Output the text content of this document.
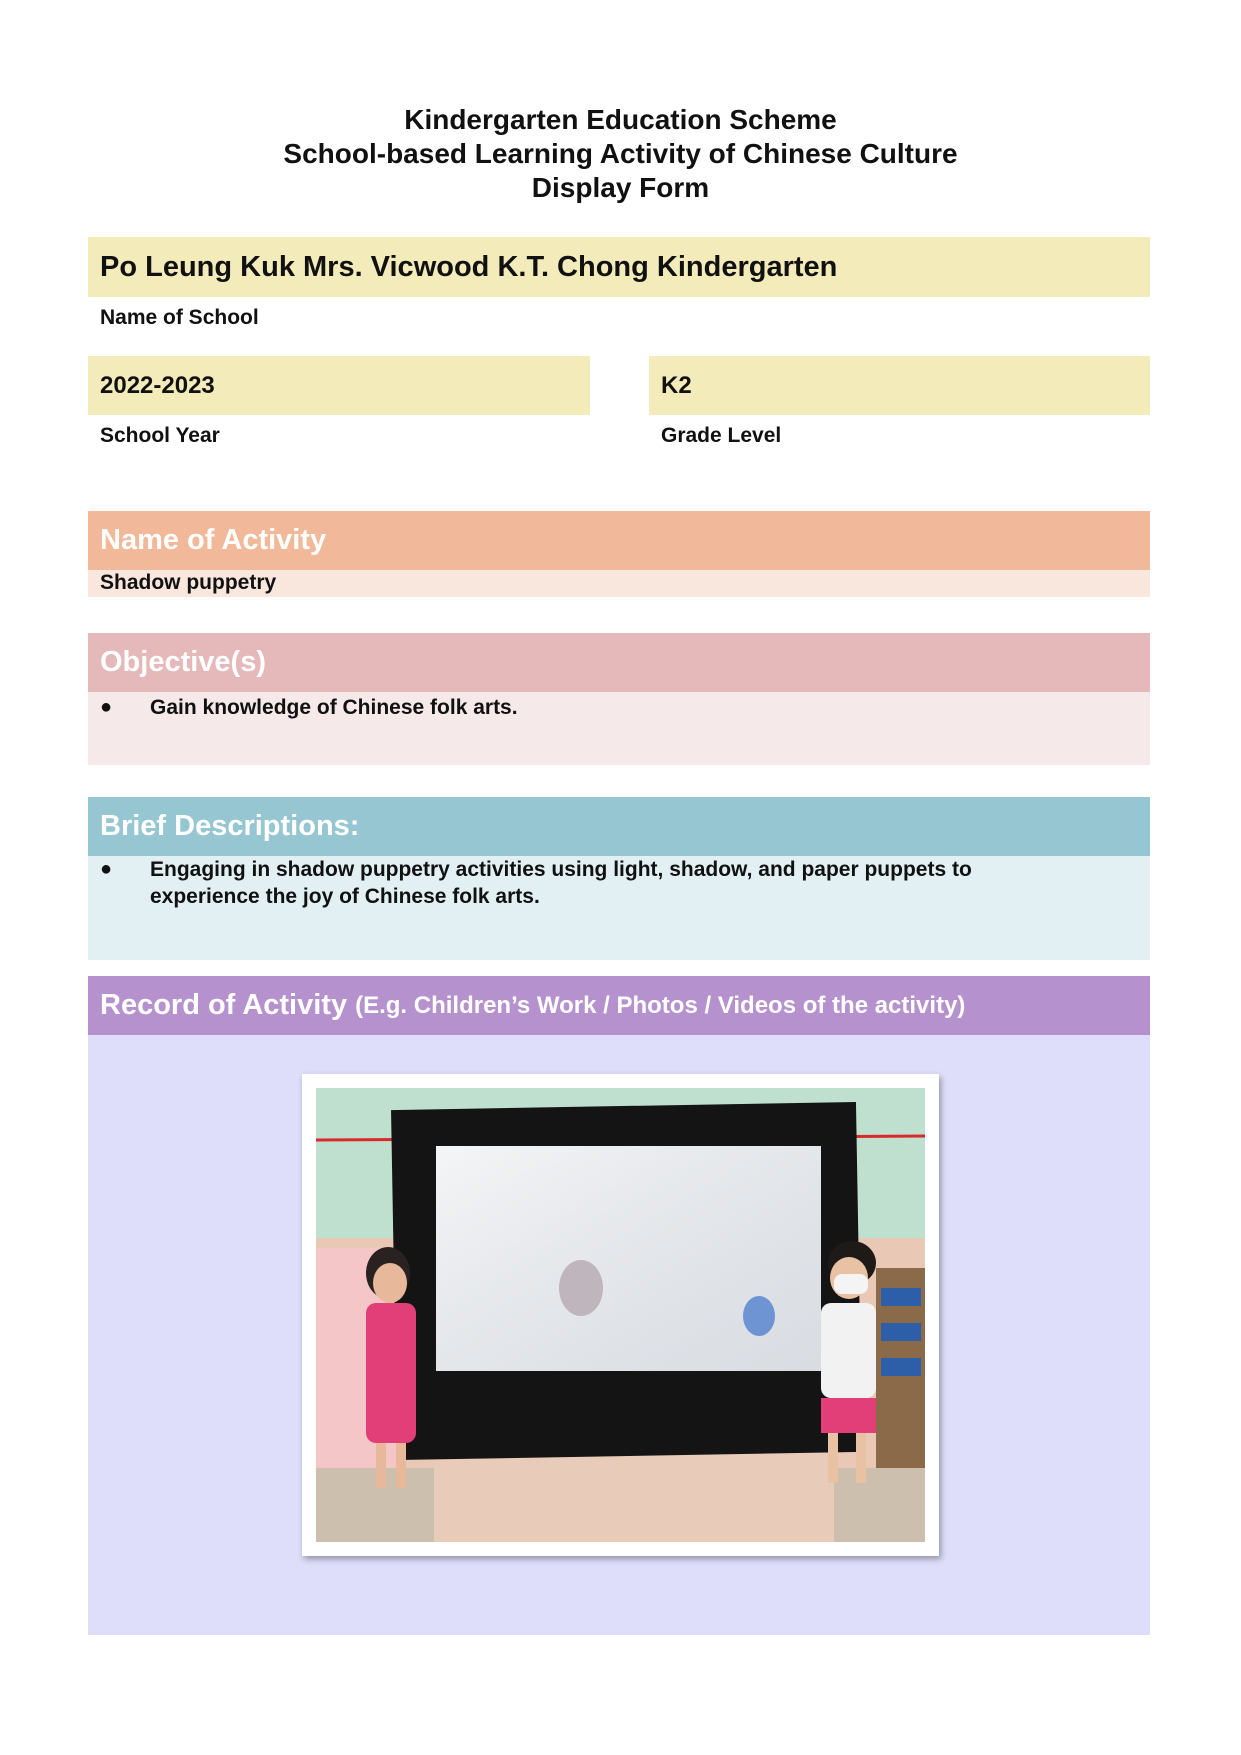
Kindergarten Education Scheme
School-based Learning Activity of Chinese Culture
Display Form
Po Leung Kuk Mrs. Vicwood K.T. Chong Kindergarten
Name of School
2022-2023
School Year
K2
Grade Level
Name of Activity
Shadow puppetry
Objective(s)
●	Gain knowledge of Chinese folk arts.
Brief Descriptions:
●	Engaging in shadow puppetry activities using light, shadow, and paper puppets to experience the joy of Chinese folk arts.
Record of Activity (E.g. Children’s Work / Photos / Videos of the activity)
